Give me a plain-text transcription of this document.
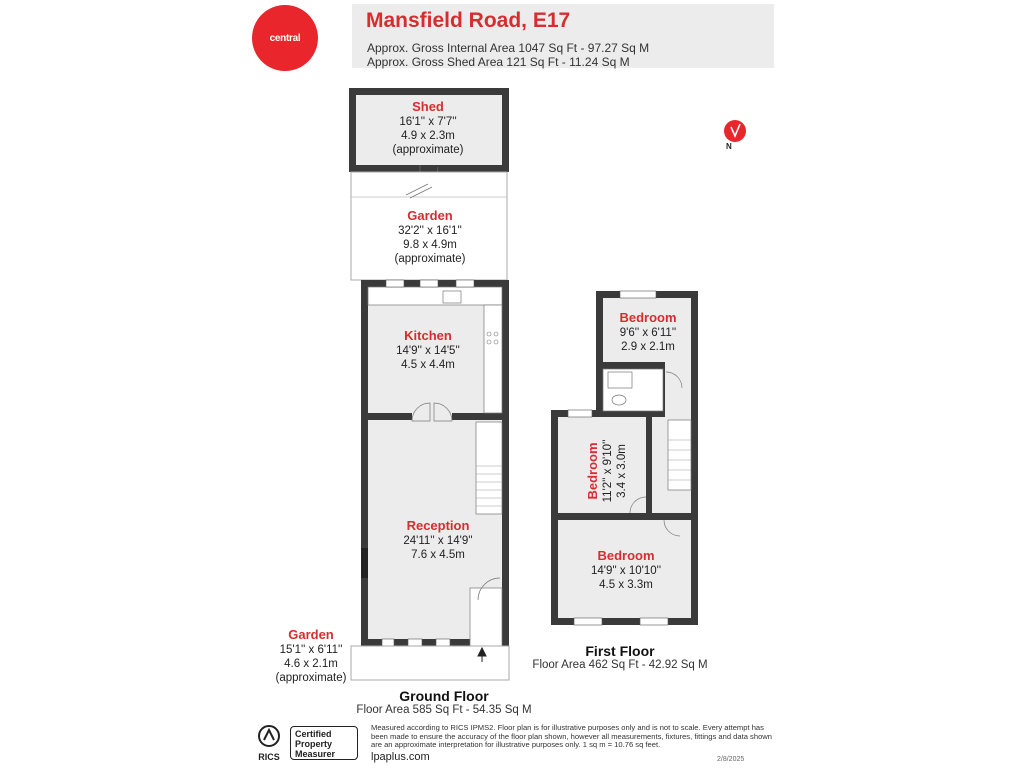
central
Mansfield Road, E17
Approx. Gross Internal Area 1047 Sq Ft - 97.27 Sq M
Approx. Gross Shed Area 121 Sq Ft - 11.24 Sq M
N
Shed
16'1'' x 7'7''
4.9 x 2.3m
(approximate)
Garden
32'2'' x 16'1''
9.8 x 4.9m
(approximate)
Kitchen
14'9'' x 14'5''
4.5 x 4.4m
Reception
24'11'' x 14'9''
7.6 x 4.5m
Garden
15'1'' x 6'11''
4.6 x 2.1m
(approximate)
Bedroom
9'6'' x 6'11''
2.9 x 2.1m
Bedroom 11'2'' x 9'10'' 3.4 x 3.0m
Bedroom
14'9'' x 10'10''
4.5 x 3.3m
Ground Floor
Floor Area 585 Sq Ft - 54.35 Sq M
First Floor
Floor Area 462 Sq Ft - 42.92 Sq M
RICS
Certified
Property
Measurer
Measured according to RICS IPMS2. Floor plan is for illustrative purposes only and is not to scale. Every attempt has been made to ensure the accuracy of the floor plan shown, however all measurements, fixtures, fittings and data shown are an approximate interpretation for illustrative purposes only. 1 sq m = 10.76 sq feet.
lpaplus.com	2/8/2025
